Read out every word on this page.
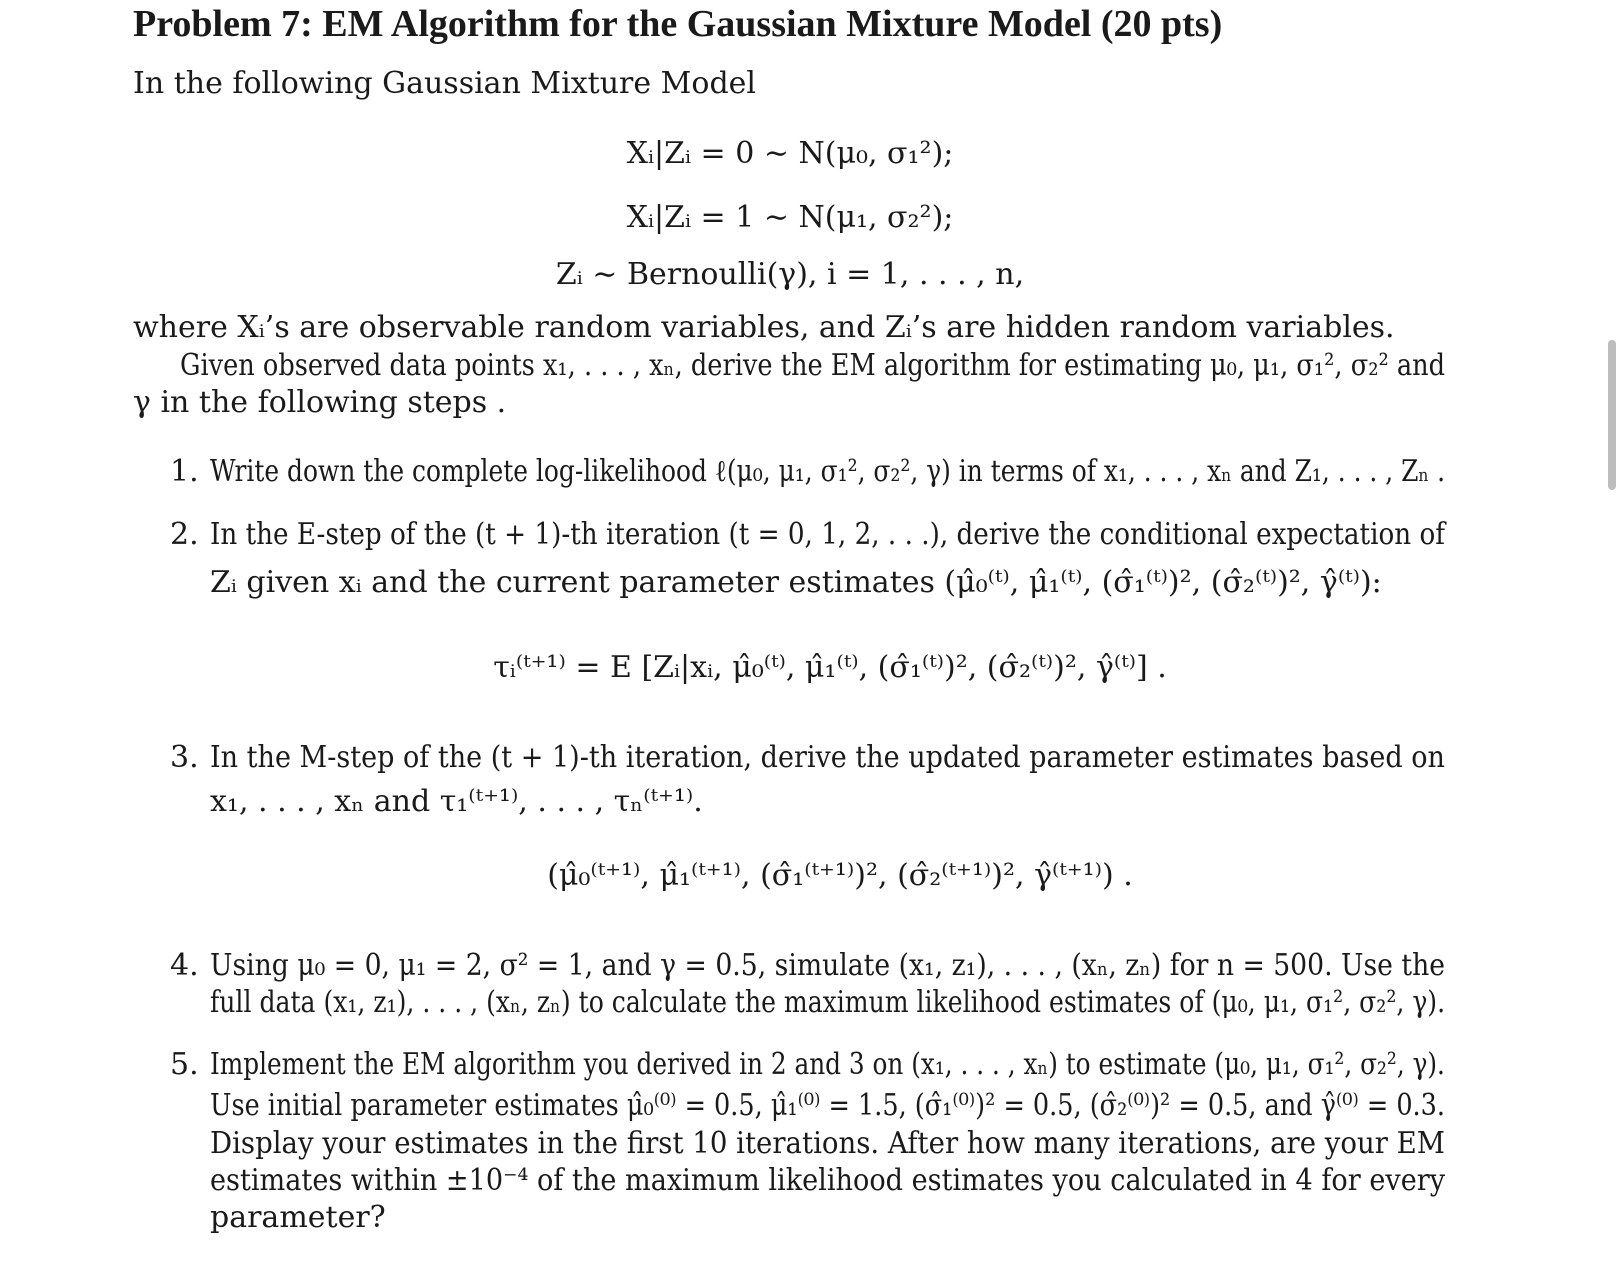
Problem 7: EM Algorithm for the Gaussian Mixture Model (20 pts)
In the following Gaussian Mixture Model
Xᵢ|Zᵢ = 0 ∼ N(μ₀, σ₁²);
Xᵢ|Zᵢ = 1 ∼ N(μ₁, σ₂²);
Zᵢ ∼ Bernoulli(γ), i = 1, . . . , n,
where Xᵢ’s are observable random variables, and Zᵢ’s are hidden random variables.
Given observed data points x₁, . . . , xₙ, derive the EM algorithm for estimating μ₀, μ₁, σ₁², σ₂² and
γ in the following steps .
1. Write down the complete log-likelihood ℓ(μ₀, μ₁, σ₁², σ₂², γ) in terms of x₁, . . . , xₙ and Z₁, . . . , Zₙ .
2. In the E-step of the (t + 1)-th iteration (t = 0, 1, 2, . . .), derive the conditional expectation of
Zᵢ given xᵢ and the current parameter estimates (μ̂₀⁽ᵗ⁾, μ̂₁⁽ᵗ⁾, (σ̂₁⁽ᵗ⁾)², (σ̂₂⁽ᵗ⁾)², γ̂⁽ᵗ⁾):
τᵢ⁽ᵗ⁺¹⁾ = E [Zᵢ|xᵢ, μ̂₀⁽ᵗ⁾, μ̂₁⁽ᵗ⁾, (σ̂₁⁽ᵗ⁾)², (σ̂₂⁽ᵗ⁾)², γ̂⁽ᵗ⁾] .
3. In the M-step of the (t + 1)-th iteration, derive the updated parameter estimates based on
x₁, . . . , xₙ and τ₁⁽ᵗ⁺¹⁾, . . . , τₙ⁽ᵗ⁺¹⁾.
(μ̂₀⁽ᵗ⁺¹⁾, μ̂₁⁽ᵗ⁺¹⁾, (σ̂₁⁽ᵗ⁺¹⁾)², (σ̂₂⁽ᵗ⁺¹⁾)², γ̂⁽ᵗ⁺¹⁾) .
4. Using μ₀ = 0, μ₁ = 2, σ² = 1, and γ = 0.5, simulate (x₁, z₁), . . . , (xₙ, zₙ) for n = 500. Use the
full data (x₁, z₁), . . . , (xₙ, zₙ) to calculate the maximum likelihood estimates of (μ₀, μ₁, σ₁², σ₂², γ).
5. Implement the EM algorithm you derived in 2 and 3 on (x₁, . . . , xₙ) to estimate (μ₀, μ₁, σ₁², σ₂², γ).
Use initial parameter estimates μ̂₀⁽⁰⁾ = 0.5, μ̂₁⁽⁰⁾ = 1.5, (σ̂₁⁽⁰⁾)² = 0.5, (σ̂₂⁽⁰⁾)² = 0.5, and γ̂⁽⁰⁾ = 0.3.
Display your estimates in the first 10 iterations. After how many iterations, are your EM
estimates within ±10⁻⁴ of the maximum likelihood estimates you calculated in 4 for every
parameter?
